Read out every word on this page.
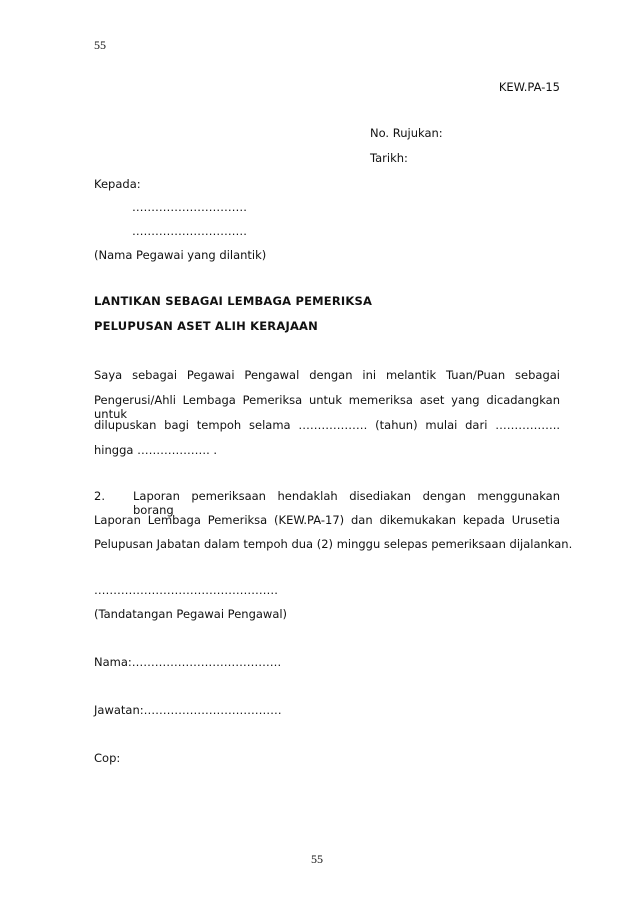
55
KEW.PA-15
No. Rujukan:
Tarikh:
Kepada:
…………………………
…………………………
(Nama Pegawai yang dilantik)
LANTIKAN SEBAGAI LEMBAGA PEMERIKSA
PELUPUSAN ASET ALIH KERAJAAN
Saya sebagai Pegawai Pengawal dengan ini melantik Tuan/Puan sebagai
Pengerusi/Ahli Lembaga Pemeriksa untuk memeriksa aset yang dicadangkan untuk
dilupuskan bagi tempoh selama ……………… (tahun) mulai dari ……………..
hingga ………………. .
2. Laporan pemeriksaan hendaklah disediakan dengan menggunakan borang
Laporan Lembaga Pemeriksa (KEW.PA-17) dan dikemukakan kepada Urusetia
Pelupusan Jabatan dalam tempoh dua (2) minggu selepas pemeriksaan dijalankan.
…………………………………………
(Tandatangan Pegawai Pengawal)
Nama:…………………………………
Jawatan:………………………………
Cop:
55
